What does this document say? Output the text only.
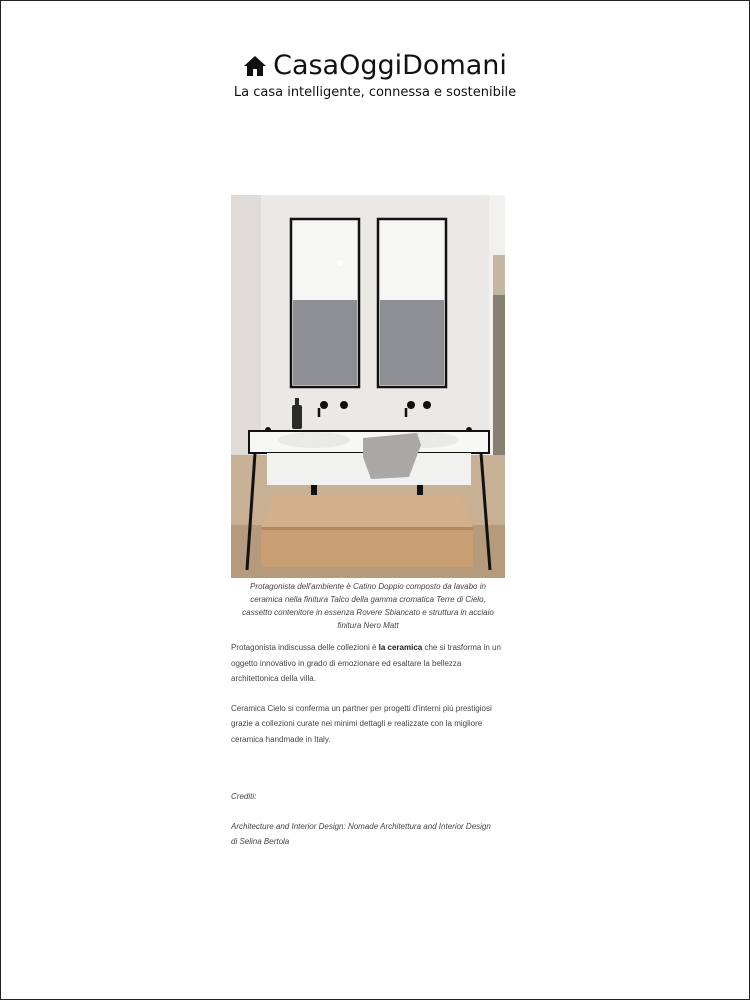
CasaOggiDomani
La casa intelligente, connessa e sostenibile
Protagonista dell'ambiente è Catino Doppio composto da lavabo in ceramica nella finitura Talco della gamma cromatica Terre di Cielo, cassetto contenitore in essenza Rovere Sbiancato e struttura in acciaio finitura Nero Matt
Protagonista indiscussa delle collezioni è la ceramica che si trasforma in un oggetto innovativo in grado di emozionare ed esaltare la bellezza architettonica della villa.
Ceramica Cielo si conferma un partner per progetti d'interni più prestigiosi grazie a collezioni curate nei minimi dettagli e realizzate con la migliore ceramica handmade in Italy.
Crediti:
Architecture and Interior Design: Nomade Architettura and Interior Design di Selina Bertola
